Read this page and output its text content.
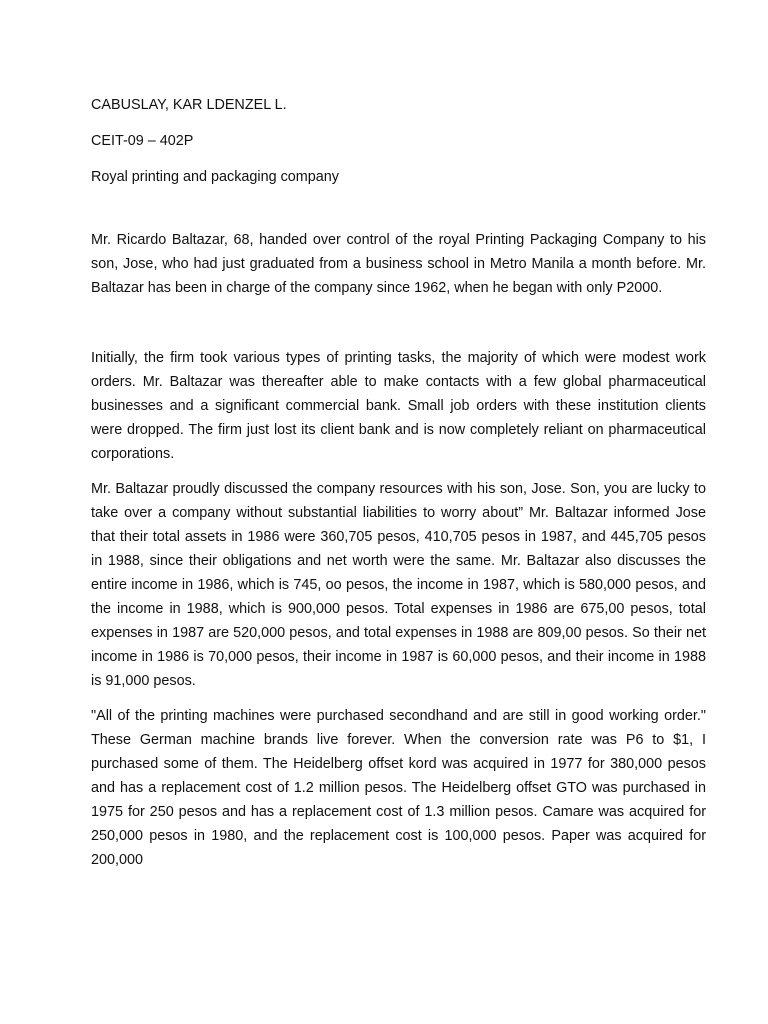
CABUSLAY, KAR LDENZEL L.

CEIT-09 – 402P

Royal printing and packaging company

Mr. Ricardo Baltazar, 68, handed over control of the royal Printing Packaging Company to his son, Jose, who had just graduated from a business school in Metro Manila a month before. Mr. Baltazar has been in charge of the company since 1962, when he began with only P2000.

Initially, the firm took various types of printing tasks, the majority of which were modest work orders. Mr. Baltazar was thereafter able to make contacts with a few global pharmaceutical businesses and a significant commercial bank. Small job orders with these institution clients were dropped. The firm just lost its client bank and is now completely reliant on pharmaceutical corporations.

Mr. Baltazar proudly discussed the company resources with his son, Jose. Son, you are lucky to take over a company without substantial liabilities to worry about” Mr. Baltazar informed Jose that their total assets in 1986 were 360,705 pesos, 410,705 pesos in 1987, and 445,705 pesos in 1988, since their obligations and net worth were the same. Mr. Baltazar also discusses the entire income in 1986, which is 745, oo pesos, the income in 1987, which is 580,000 pesos, and the income in 1988, which is 900,000 pesos. Total expenses in 1986 are 675,00 pesos, total expenses in 1987 are 520,000 pesos, and total expenses in 1988 are 809,00 pesos. So their net income in 1986 is 70,000 pesos, their income in 1987 is 60,000 pesos, and their income in 1988 is 91,000 pesos.

"All of the printing machines were purchased secondhand and are still in good working order." These German machine brands live forever. When the conversion rate was P6 to $1, I purchased some of them. The Heidelberg offset kord was acquired in 1977 for 380,000 pesos and has a replacement cost of 1.2 million pesos. The Heidelberg offset GTO was purchased in 1975 for 250 pesos and has a replacement cost of 1.3 million pesos. Camare was acquired for 250,000 pesos in 1980, and the replacement cost is 100,000 pesos. Paper was acquired for 200,000
